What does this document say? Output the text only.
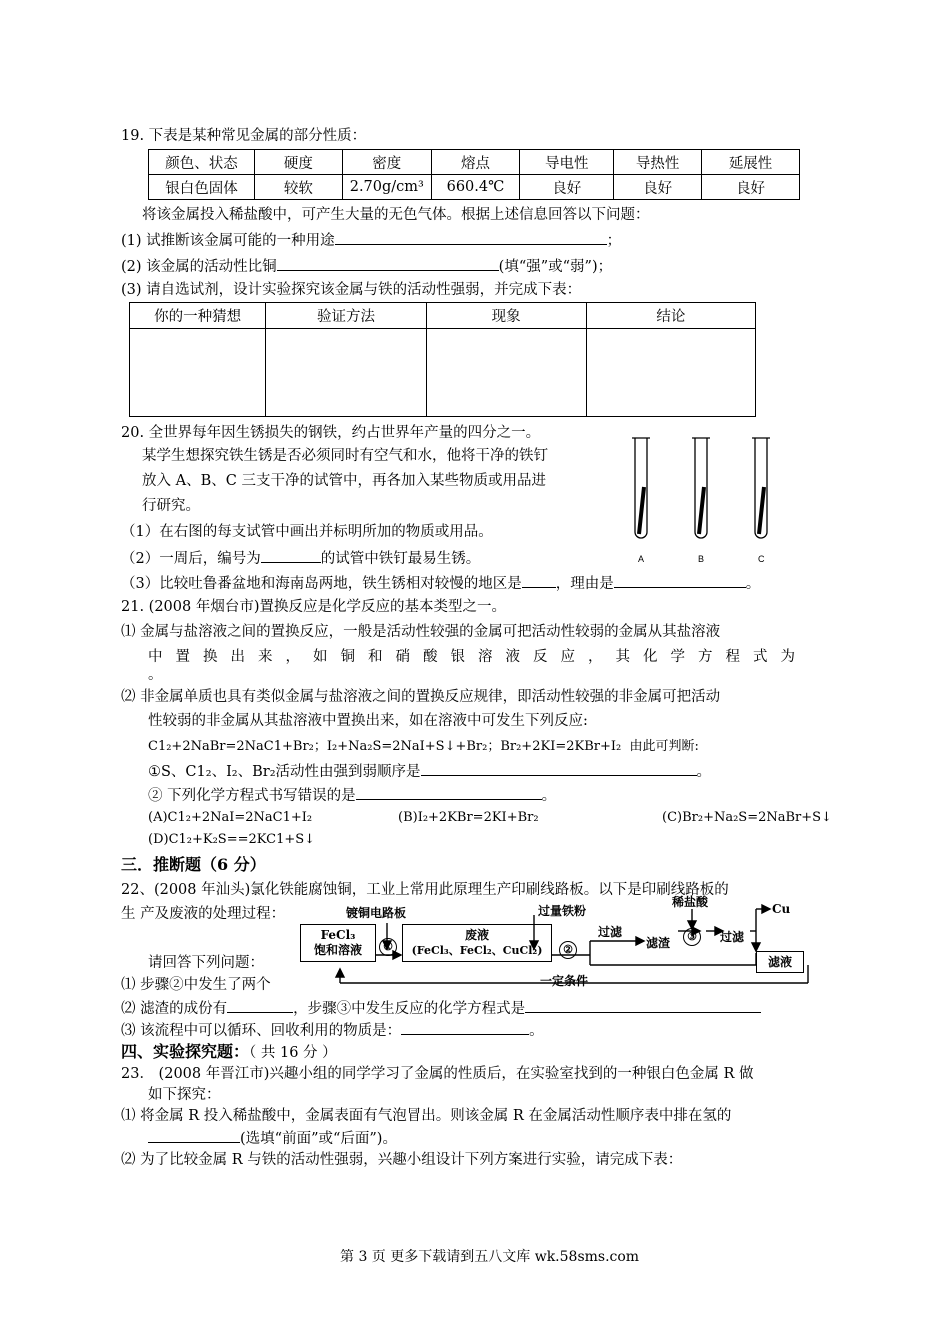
19. 下表是某种常见金属的部分性质：
颜色、状态	硬度	密度	熔点	导电性	导热性	延展性
银白色固体	较软	2.70g/cm³	660.4℃	良好	良好	良好
将该金属投入稀盐酸中，可产生大量的无色气体。根据上述信息回答以下问题：
(1) 试推断该金属可能的一种用途	；
(2) 该金属的活动性比铜	(填“强”或“弱”)；
(3) 请自选试剂，设计实验探究该金属与铁的活动性强弱，并完成下表：
你的一种猜想	验证方法	现象	结论

20. 全世界每年因生锈损失的钢铁，约占世界年产量的四分之一。
某学生想探究铁生锈是否必须同时有空气和水，他将干净的铁钉
放入 A、B、C 三支干净的试管中，再各加入某些物质或用品进
行研究。
（1）在右图的每支试管中画出并标明所加的物质或用品。
（2）一周后，编号为	的试管中铁钉最易生锈。
（3）比较吐鲁番盆地和海南岛两地，铁生锈相对较慢的地区是 ，理由是	。
A	B	C
21. (2008 年烟台市)置换反应是化学反应的基本类型之一。
⑴ 金属与盐溶液之间的置换反应，一般是活动性较强的金属可把活动性较弱的金属从其盐溶液
中置换出来，如铜和硝酸银溶液反应，其化学方程式为
。
⑵ 非金属单质也具有类似金属与盐溶液之间的置换反应规律，即活动性较强的非金属可把活动
性较弱的非金属从其盐溶液中置换出来，如在溶液中可发生下列反应:
C1₂+2NaBr=2NaC1+Br₂；I₂+Na₂S=2NaI+S↓+Br₂；Br₂+2KI=2KBr+I₂ 由此可判断:
①S、C1₂、I₂、Br₂活动性由强到弱顺序是	。
② 下列化学方程式书写错误的是	。
(A)C1₂+2NaI=2NaC1+I₂	(B)I₂+2KBr=2KI+Br₂	(C)Br₂+Na₂S=2NaBr+S↓
(D)C1₂+K₂S==2KC1+S↓
三．推断题（6 分）
22、(2008 年汕头)氯化铁能腐蚀铜，工业上常用此原理生产印刷线路板。以下是印刷线路板的
生 产及废液的处理过程：	镀铜电路板
FeCl₃
饱和溶液	①
废液
(FeCl₃、FeCl₂、CuCl₂)
过量铁粉
②
过滤
滤渣
稀盐酸
③	过滤
Cu
滤液
一定条件
请回答下列问题：
⑴ 步骤②中发生了两个
⑵ 滤渣的成份有	，步骤③中发生反应的化学方程式是
⑶ 该流程中可以循环、回收利用的物质是：	。
四、实验探究题：（ 共 16 分 ）
23． (2008 年晋江市)兴趣小组的同学学习了金属的性质后，在实验室找到的一种银白色金属 R 做
如下探究：
⑴ 将金属 R 投入稀盐酸中，金属表面有气泡冒出。则该金属 R 在金属活动性顺序表中排在氢的
(选填“前面”或“后面”)。
⑵ 为了比较金属 R 与铁的活动性强弱，兴趣小组设计下列方案进行实验，请完成下表：
第 3 页 更多下载请到五八文库 wk.58sms.com
